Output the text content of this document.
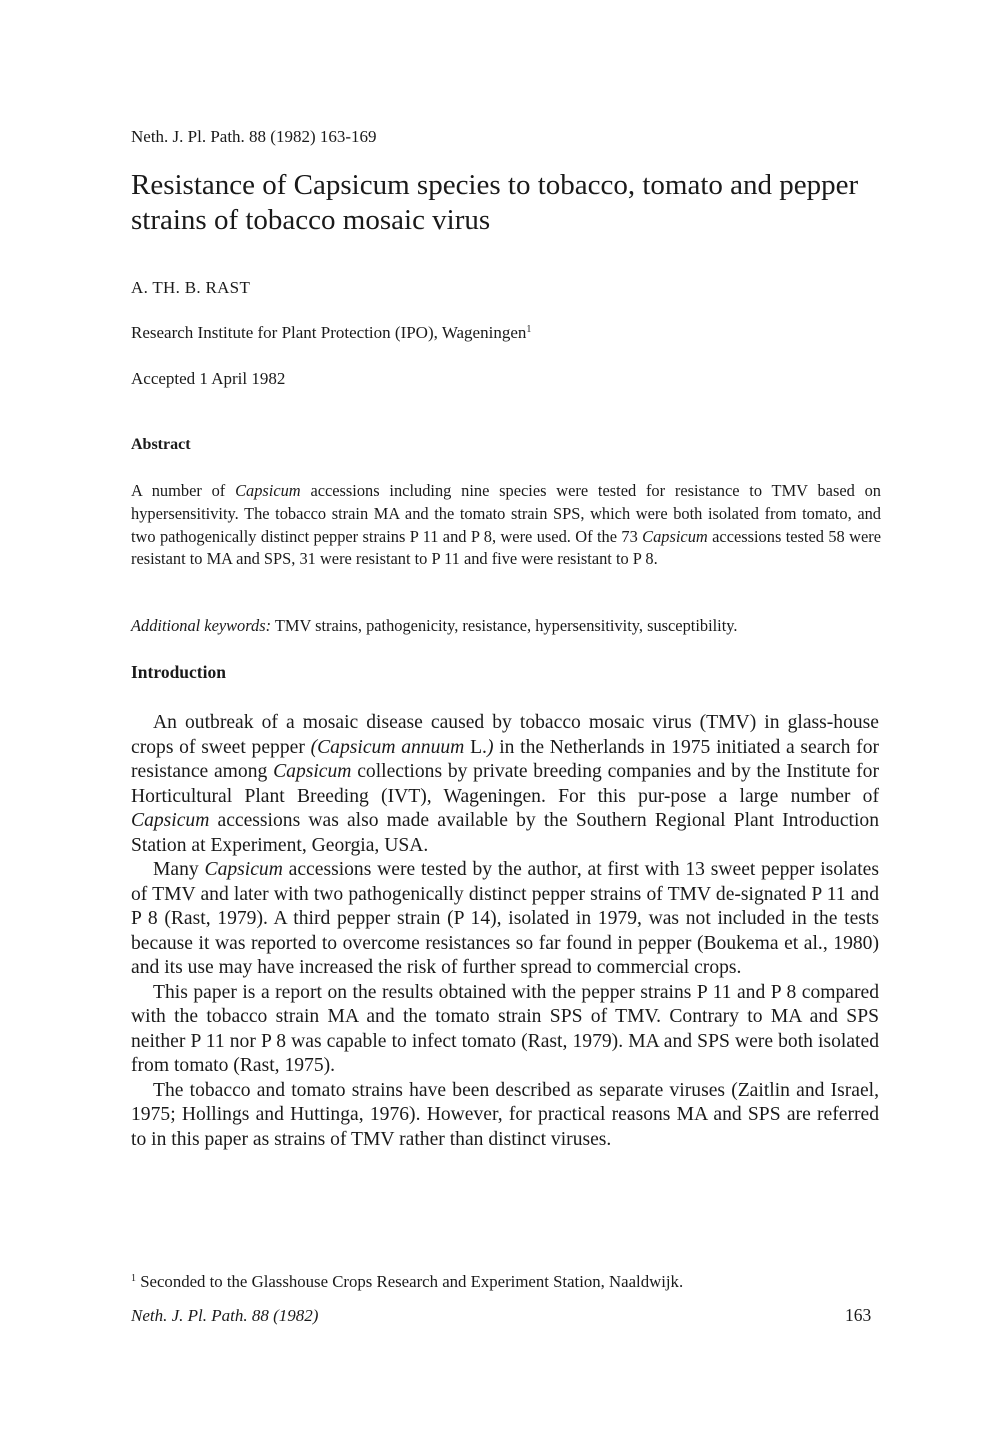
Neth. J. Pl. Path. 88 (1982) 163-169
Resistance of Capsicum species to tobacco, tomato and pepper strains of tobacco mosaic virus
A. TH. B. RAST
Research Institute for Plant Protection (IPO), Wageningen$^1$
Accepted 1 April 1982
Abstract
A number of Capsicum accessions including nine species were tested for resistance to TMV based on hypersensitivity. The tobacco strain MA and the tomato strain SPS, which were both isolated from tomato, and two pathogenically distinct pepper strains P 11 and P 8, were used. Of the 73 Capsicum accessions tested 58 were resistant to MA and SPS, 31 were resistant to P 11 and five were resistant to P 8.
Additional keywords: TMV strains, pathogenicity, resistance, hypersensitivity, susceptibility.
Introduction

An outbreak of a mosaic disease caused by tobacco mosaic virus (TMV) in glass-house crops of sweet pepper (Capsicum annuum L.) in the Netherlands in 1975 initiated a search for resistance among Capsicum collections by private breeding companies and by the Institute for Horticultural Plant Breeding (IVT), Wageningen. For this pur-pose a large number of Capsicum accessions was also made available by the Southern Regional Plant Introduction Station at Experiment, Georgia, USA.

Many Capsicum accessions were tested by the author, at first with 13 sweet pepper isolates of TMV and later with two pathogenically distinct pepper strains of TMV de-signated P 11 and P 8 (Rast, 1979). A third pepper strain (P 14), isolated in 1979, was not included in the tests because it was reported to overcome resistances so far found in pepper (Boukema et al., 1980) and its use may have increased the risk of further spread to commercial crops.

This paper is a report on the results obtained with the pepper strains P 11 and P 8 compared with the tobacco strain MA and the tomato strain SPS of TMV. Contrary to MA and SPS neither P 11 nor P 8 was capable to infect tomato (Rast, 1979). MA and SPS were both isolated from tomato (Rast, 1975).

The tobacco and tomato strains have been described as separate viruses (Zaitlin and Israel, 1975; Hollings and Huttinga, 1976). However, for practical reasons MA and SPS are referred to in this paper as strains of TMV rather than distinct viruses.

$^1$ Seconded to the Glasshouse Crops Research and Experiment Station, Naaldwijk.
Neth. J. Pl. Path. 88 (1982)	163
